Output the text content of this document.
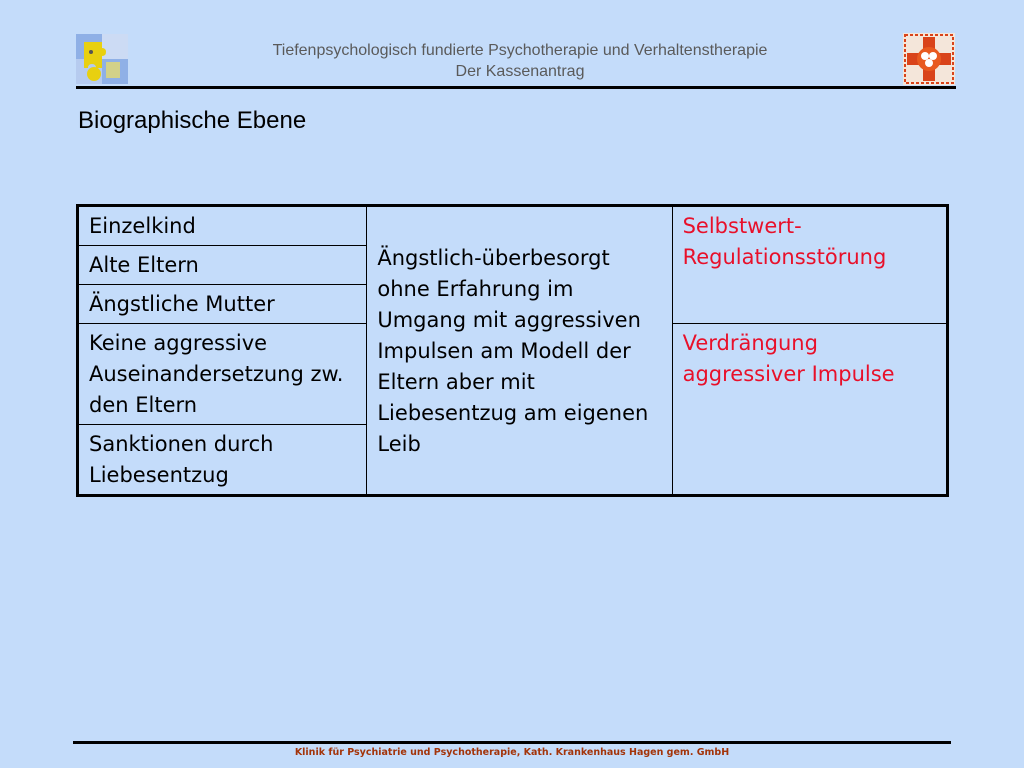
Tiefenpsychologisch fundierte Psychotherapie und Verhaltenstherapie
Der Kassenantrag
Biographische Ebene
Einzelkind	Ängstlich-überbesorgt ohne Erfahrung im Umgang mit aggressiven Impulsen am Modell der Eltern aber mit Liebesentzug am eigenen Leib	Selbstwert-Regulationsstörung
Alte Eltern		
Ängstliche Mutter		
Keine aggressive Auseinandersetzung zw. den Eltern		Verdrängung aggressiver Impulse
Sanktionen durch Liebesentzug		
Klinik für Psychiatrie und Psychotherapie, Kath. Krankenhaus Hagen gem. GmbH
